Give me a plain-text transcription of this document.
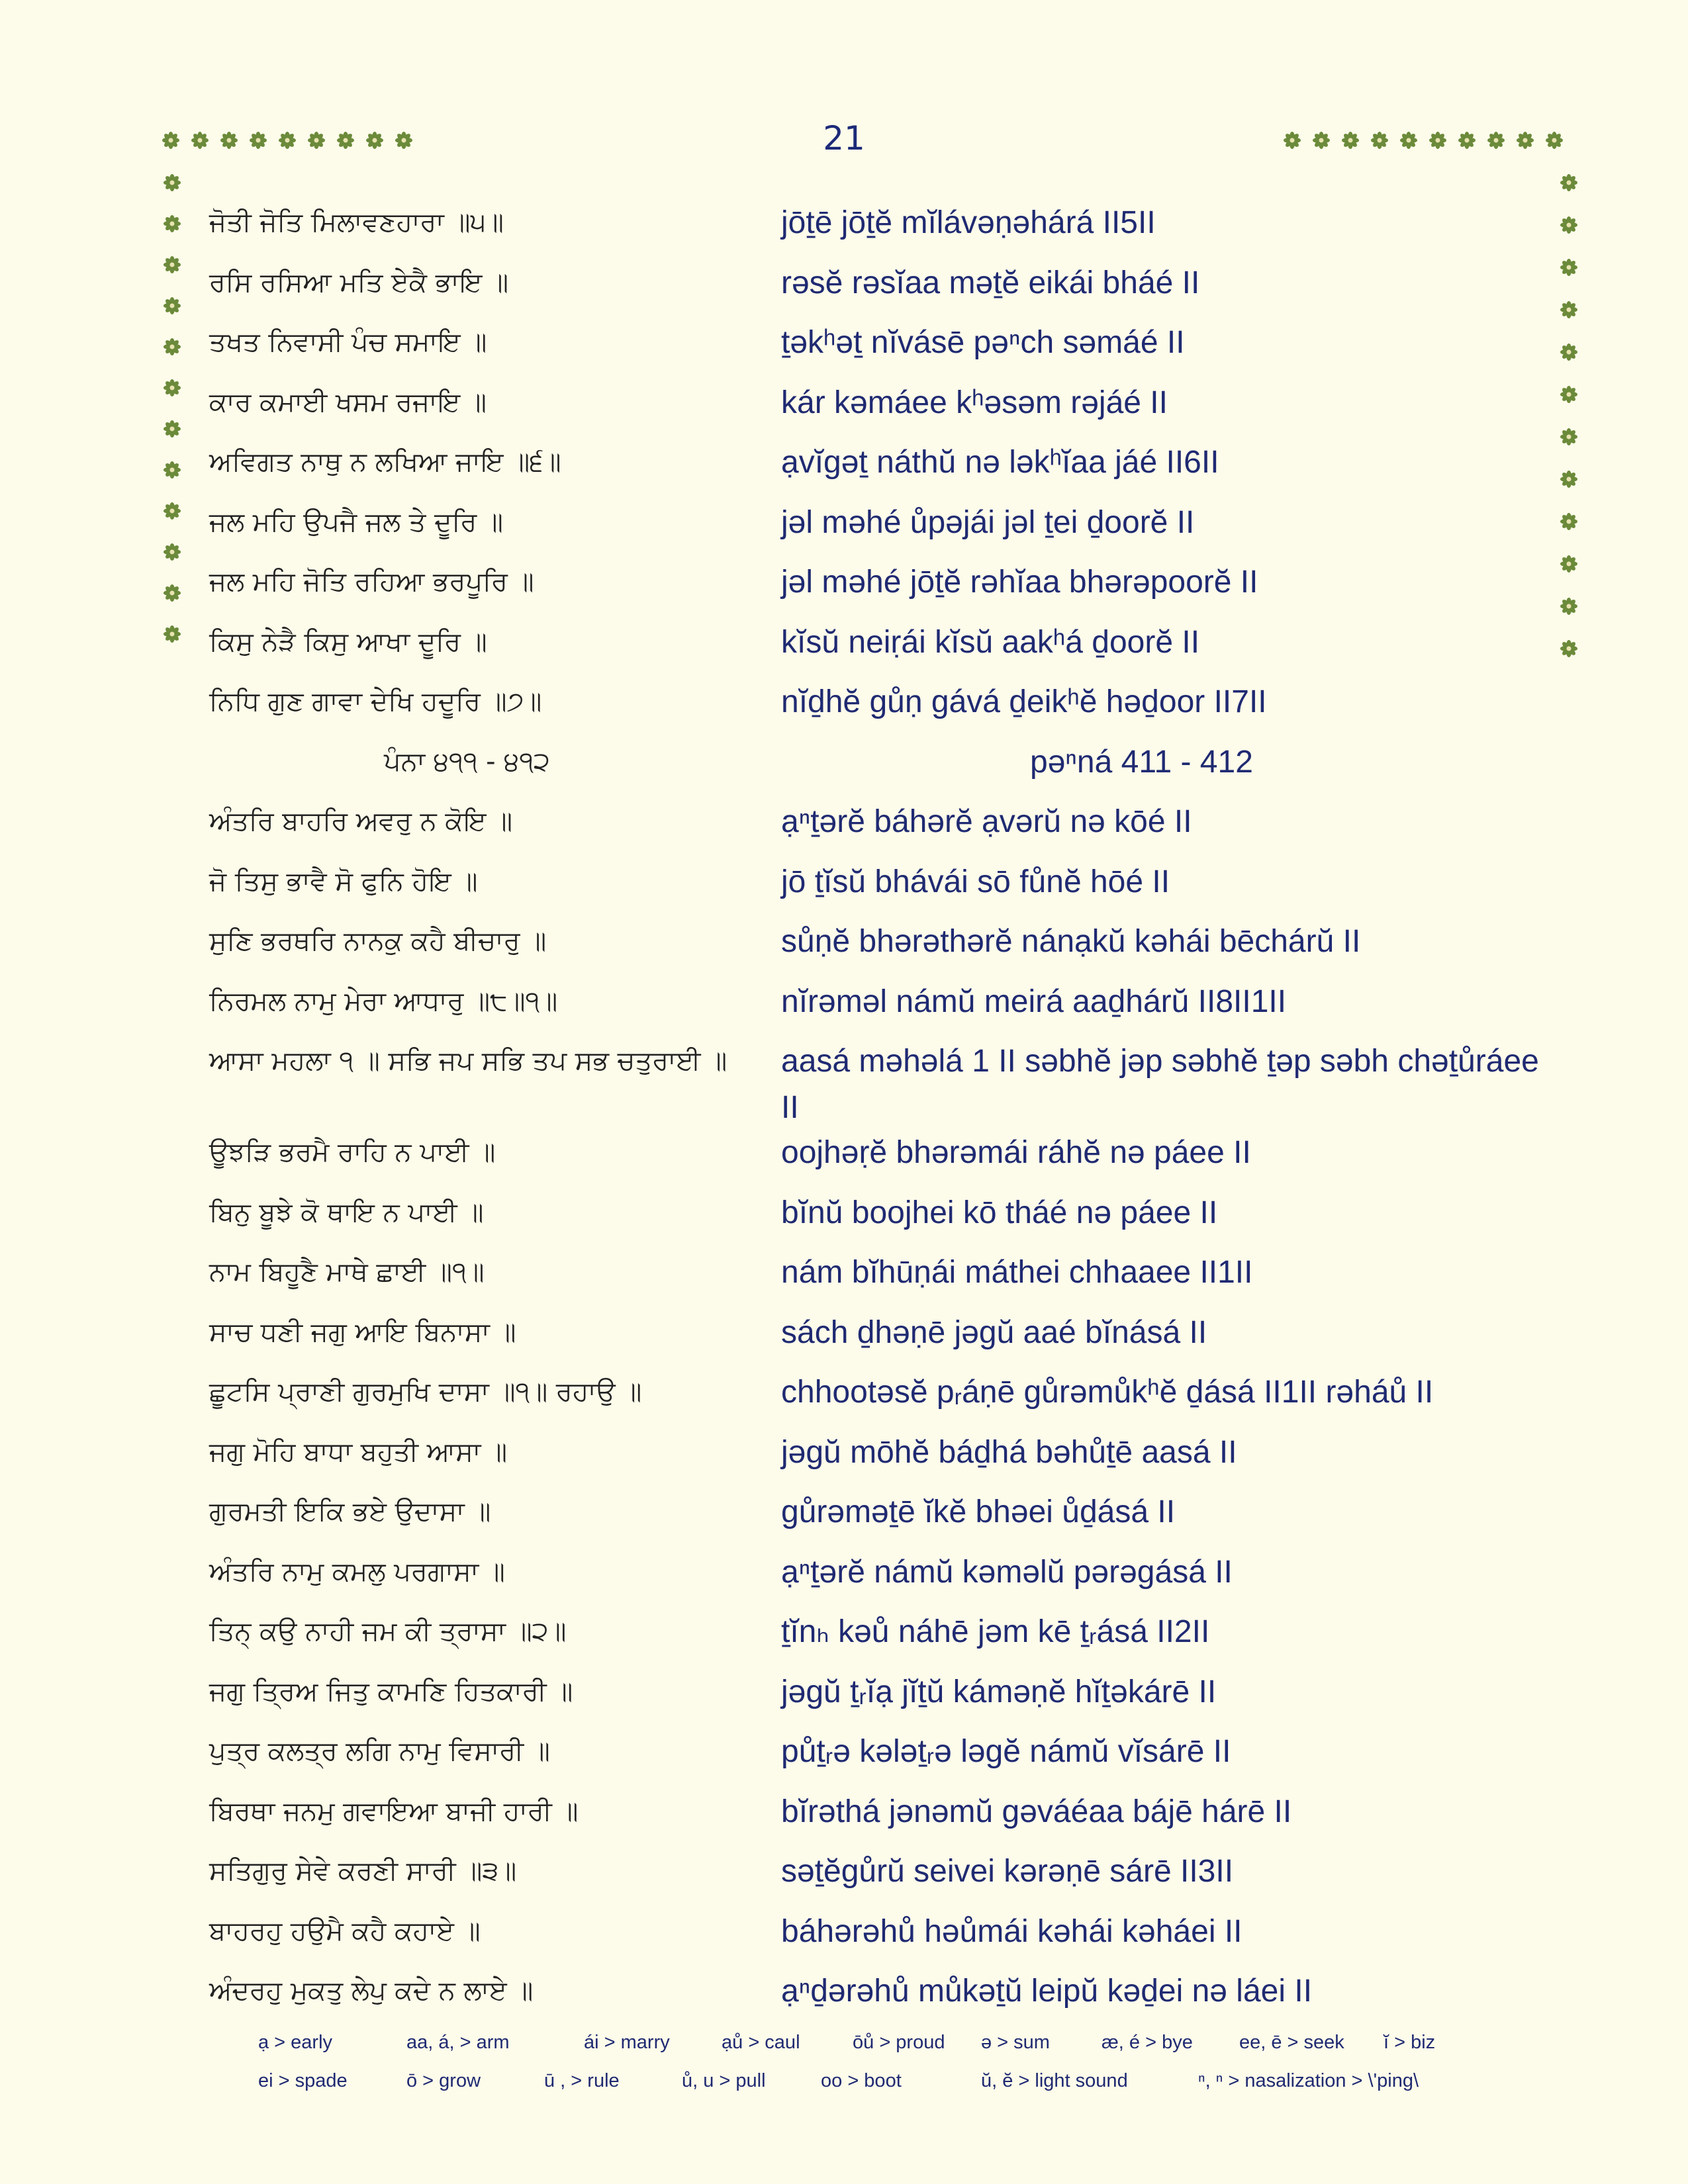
21
ਜੋਤੀ ਜੋਤਿ ਮਿਲਾਵਣਹਾਰਾ ॥੫॥	jōṯē jōṯĕ mĭlávəṇəhárá II5II
ਰਸਿ ਰਸਿਆ ਮਤਿ ਏਕੈ ਭਾਇ ॥	rəsĕ rəsĭaa məṯĕ eikái bháé II
ਤਖਤ ਨਿਵਾਸੀ ਪੰਚ ਸਮਾਇ ॥	ṯəkʰəṯ nĭvásē pəⁿch səmáé II
ਕਾਰ ਕਮਾਈ ਖਸਮ ਰਜਾਇ ॥	kár kəmáee kʰəsəm rəjáé II
ਅਵਿਗਤ ਨਾਥੁ ਨ ਲਖਿਆ ਜਾਇ ॥੬॥	ạvĭgəṯ náthŭ nə ləkʰĭaa jáé II6II
ਜਲ ਮਹਿ ਉਪਜੈ ਜਲ ਤੇ ਦੂਰਿ ॥	jəl məhé ůpəjái jəl ṯei ḏoorĕ II
ਜਲ ਮਹਿ ਜੋਤਿ ਰਹਿਆ ਭਰਪੂਰਿ ॥	jəl məhé jōṯĕ rəhĭaa bhərəpoorĕ II
ਕਿਸੁ ਨੇੜੈ ਕਿਸੁ ਆਖਾ ਦੂਰਿ ॥	kĭsŭ neiṛái kĭsŭ aakʰá ḏoorĕ II
ਨਿਧਿ ਗੁਣ ਗਾਵਾ ਦੇਖਿ ਹਦੂਰਿ ॥੭॥	nĭḏhĕ gůṇ gává ḏeikʰĕ həḏoor II7II
ਪੰਨਾ ੪੧੧ - ੪੧੨	pəⁿná 411 - 412
ਅੰਤਰਿ ਬਾਹਰਿ ਅਵਰੁ ਨ ਕੋਇ ॥	ạⁿṯərĕ báhərĕ ạvərŭ nə kōé II
ਜੋ ਤਿਸੁ ਭਾਵੈ ਸੋ ਫੁਨਿ ਹੋਇ ॥	jō ṯĭsŭ bhávái sō fůnĕ hōé II
ਸੁਣਿ ਭਰਥਰਿ ਨਾਨਕੁ ਕਹੈ ਬੀਚਾਰੁ ॥	sůṇĕ bhərəthərĕ nánạkŭ kəhái bēchárŭ II
ਨਿਰਮਲ ਨਾਮੁ ਮੇਰਾ ਆਧਾਰੁ ॥੮॥੧॥	nĭrəməl námŭ meirá aaḏhárŭ II8II1II
ਆਸਾ ਮਹਲਾ ੧ ॥ ਸਭਿ ਜਪ ਸਭਿ ਤਪ ਸਭ ਚਤੁਰਾਈ ॥	aasá məhəlá 1 II səbhĕ jəp səbhĕ ṯəp səbh chəṯůráee II
ਊਝੜਿ ਭਰਮੈ ਰਾਹਿ ਨ ਪਾਈ ॥	oojhəṛĕ bhərəmái ráhĕ nə páee II
ਬਿਨੁ ਬੂਝੇ ਕੋ ਥਾਇ ਨ ਪਾਈ ॥	bĭnŭ boojhei kō tháé nə páee II
ਨਾਮ ਬਿਹੂਣੈ ਮਾਥੇ ਛਾਈ ॥੧॥	nám bĭhūṇái máthei chhaaee II1II
ਸਾਚ ਧਣੀ ਜਗੁ ਆਇ ਬਿਨਾਸਾ ॥	sách ḏhəṇē jəgŭ aaé bĭnásá II
ਛੂਟਸਿ ਪ੍ਰਾਣੀ ਗੁਰਮੁਖਿ ਦਾਸਾ ॥੧॥ ਰਹਾਉ ॥	chhootəsĕ pᵣáṇē gůrəmůkʰĕ ḏásá II1II rəháů II
ਜਗੁ ਮੋਹਿ ਬਾਧਾ ਬਹੁਤੀ ਆਸਾ ॥	jəgŭ mōhĕ báḏhá bəhůṯē aasá II
ਗੁਰਮਤੀ ਇਕਿ ਭਏ ਉਦਾਸਾ ॥	gůrəməṯē ĭkĕ bhəei ůḏásá II
ਅੰਤਰਿ ਨਾਮੁ ਕਮਲੁ ਪਰਗਾਸਾ ॥	ạⁿṯərĕ námŭ kəməlŭ pərəgásá II
ਤਿਨ੍ ਕਉ ਨਾਹੀ ਜਮ ਕੀ ਤ੍ਰਾਸਾ ॥੨॥	ṯĭnₕ kəů náhē jəm kē ṯᵣásá II2II
ਜਗੁ ਤ੍ਰਿਅ ਜਿਤੁ ਕਾਮਣਿ ਹਿਤਕਾਰੀ ॥	jəgŭ ṯᵣĭạ jĭṯŭ káməṇĕ hĭṯəkárē II
ਪੁਤ੍ਰ ਕਲਤ੍ਰ ਲਗਿ ਨਾਮੁ ਵਿਸਾਰੀ ॥	půṯᵣə kələṯᵣə ləgĕ námŭ vĭsárē II
ਬਿਰਥਾ ਜਨਮੁ ਗਵਾਇਆ ਬਾਜੀ ਹਾਰੀ ॥	bĭrəthá jənəmŭ gəváéaa bájē hárē II
ਸਤਿਗੁਰੁ ਸੇਵੇ ਕਰਣੀ ਸਾਰੀ ॥੩॥	səṯĕgůrŭ seivei kərəṇē sárē II3II
ਬਾਹਰਹੁ ਹਉਮੈ ਕਹੈ ਕਹਾਏ ॥	báhərəhů həůmái kəhái kəháei II
ਅੰਦਰਹੁ ਮੁਕਤੁ ਲੇਪੁ ਕਦੇ ਨ ਲਾਏ ॥	ạⁿḏərəhů můkəṯŭ leipŭ kəḏei nə láei II
ạ > early	aa, á, > arm	ái > marry	ạů > caul	ōů > proud ə > sum	æ, é > bye ee, ē > seek ĭ > biz
ei > spade	ō > grow	ū , > rule	ů, u > pull	oo > boot	ŭ, ĕ > light sound	ⁿ, ⁿ > nasalization > \'ping\
